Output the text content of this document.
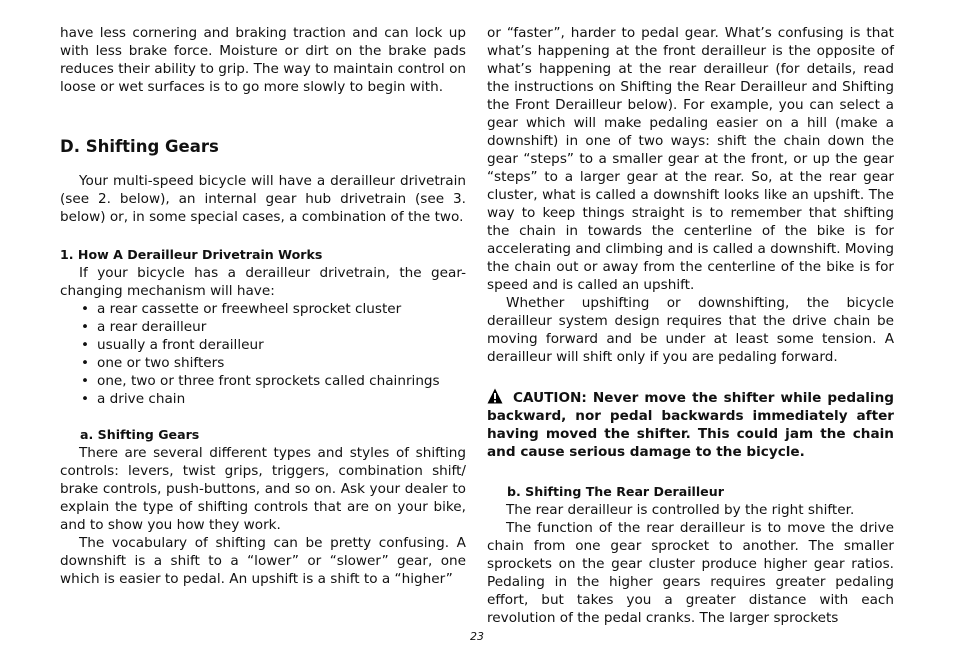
have less cornering and braking traction and can lock up with less brake force. Moisture or dirt on the brake pads reduces their ability to grip. The way to maintain control on loose or wet surfaces is to go more slowly to begin with.

D. Shifting Gears

Your multi-speed bicycle will have a derailleur drivetrain (see 2. below), an internal gear hub drivetrain (see 3. below) or, in some special cases, a combination of the two.

1. How A Derailleur Drivetrain Works

If your bicycle has a derailleur drivetrain, the gear-changing mechanism will have:

• a rear cassette or freewheel sprocket cluster
• a rear derailleur
• usually a front derailleur
• one or two shifters
• one, two or three front sprockets called chainrings
• a drive chain
a. Shifting Gears

There are several different types and styles of shifting controls: levers, twist grips, triggers, combination shift/ brake controls, push-buttons, and so on. Ask your dealer to explain the type of shifting controls that are on your bike, and to show you how they work.

The vocabulary of shifting can be pretty confusing. A downshift is a shift to a “lower” or “slower” gear, one which is easier to pedal. An upshift is a shift to a “higher”

or “faster”, harder to pedal gear. What’s confusing is that what’s happening at the front derailleur is the opposite of what’s happening at the rear derailleur (for details, read the instructions on Shifting the Rear Derailleur and Shifting the Front Derailleur below). For example, you can select a gear which will make pedaling easier on a hill (make a downshift) in one of two ways: shift the chain down the gear “steps” to a smaller gear at the front, or up the gear “steps” to a larger gear at the rear. So, at the rear gear cluster, what is called a downshift looks like an upshift. The way to keep things straight is to remember that shifting the chain in towards the centerline of the bike is for accelerating and climbing and is called a downshift. Moving the chain out or away from the centerline of the bike is for speed and is called an upshift.

Whether upshifting or downshifting, the bicycle derailleur system design requires that the drive chain be moving forward and be under at least some tension. A derailleur will shift only if you are pedaling forward.

CAUTION: Never move the shifter while pedaling backward, nor pedal backwards immediately after having moved the shifter. This could jam the chain and cause serious damage to the bicycle.

b. Shifting The Rear Derailleur

The rear derailleur is controlled by the right shifter.

The function of the rear derailleur is to move the drive chain from one gear sprocket to another. The smaller sprockets on the gear cluster produce higher gear ratios. Pedaling in the higher gears requires greater pedaling effort, but takes you a greater distance with each revolution of the pedal cranks. The larger sprockets

23
